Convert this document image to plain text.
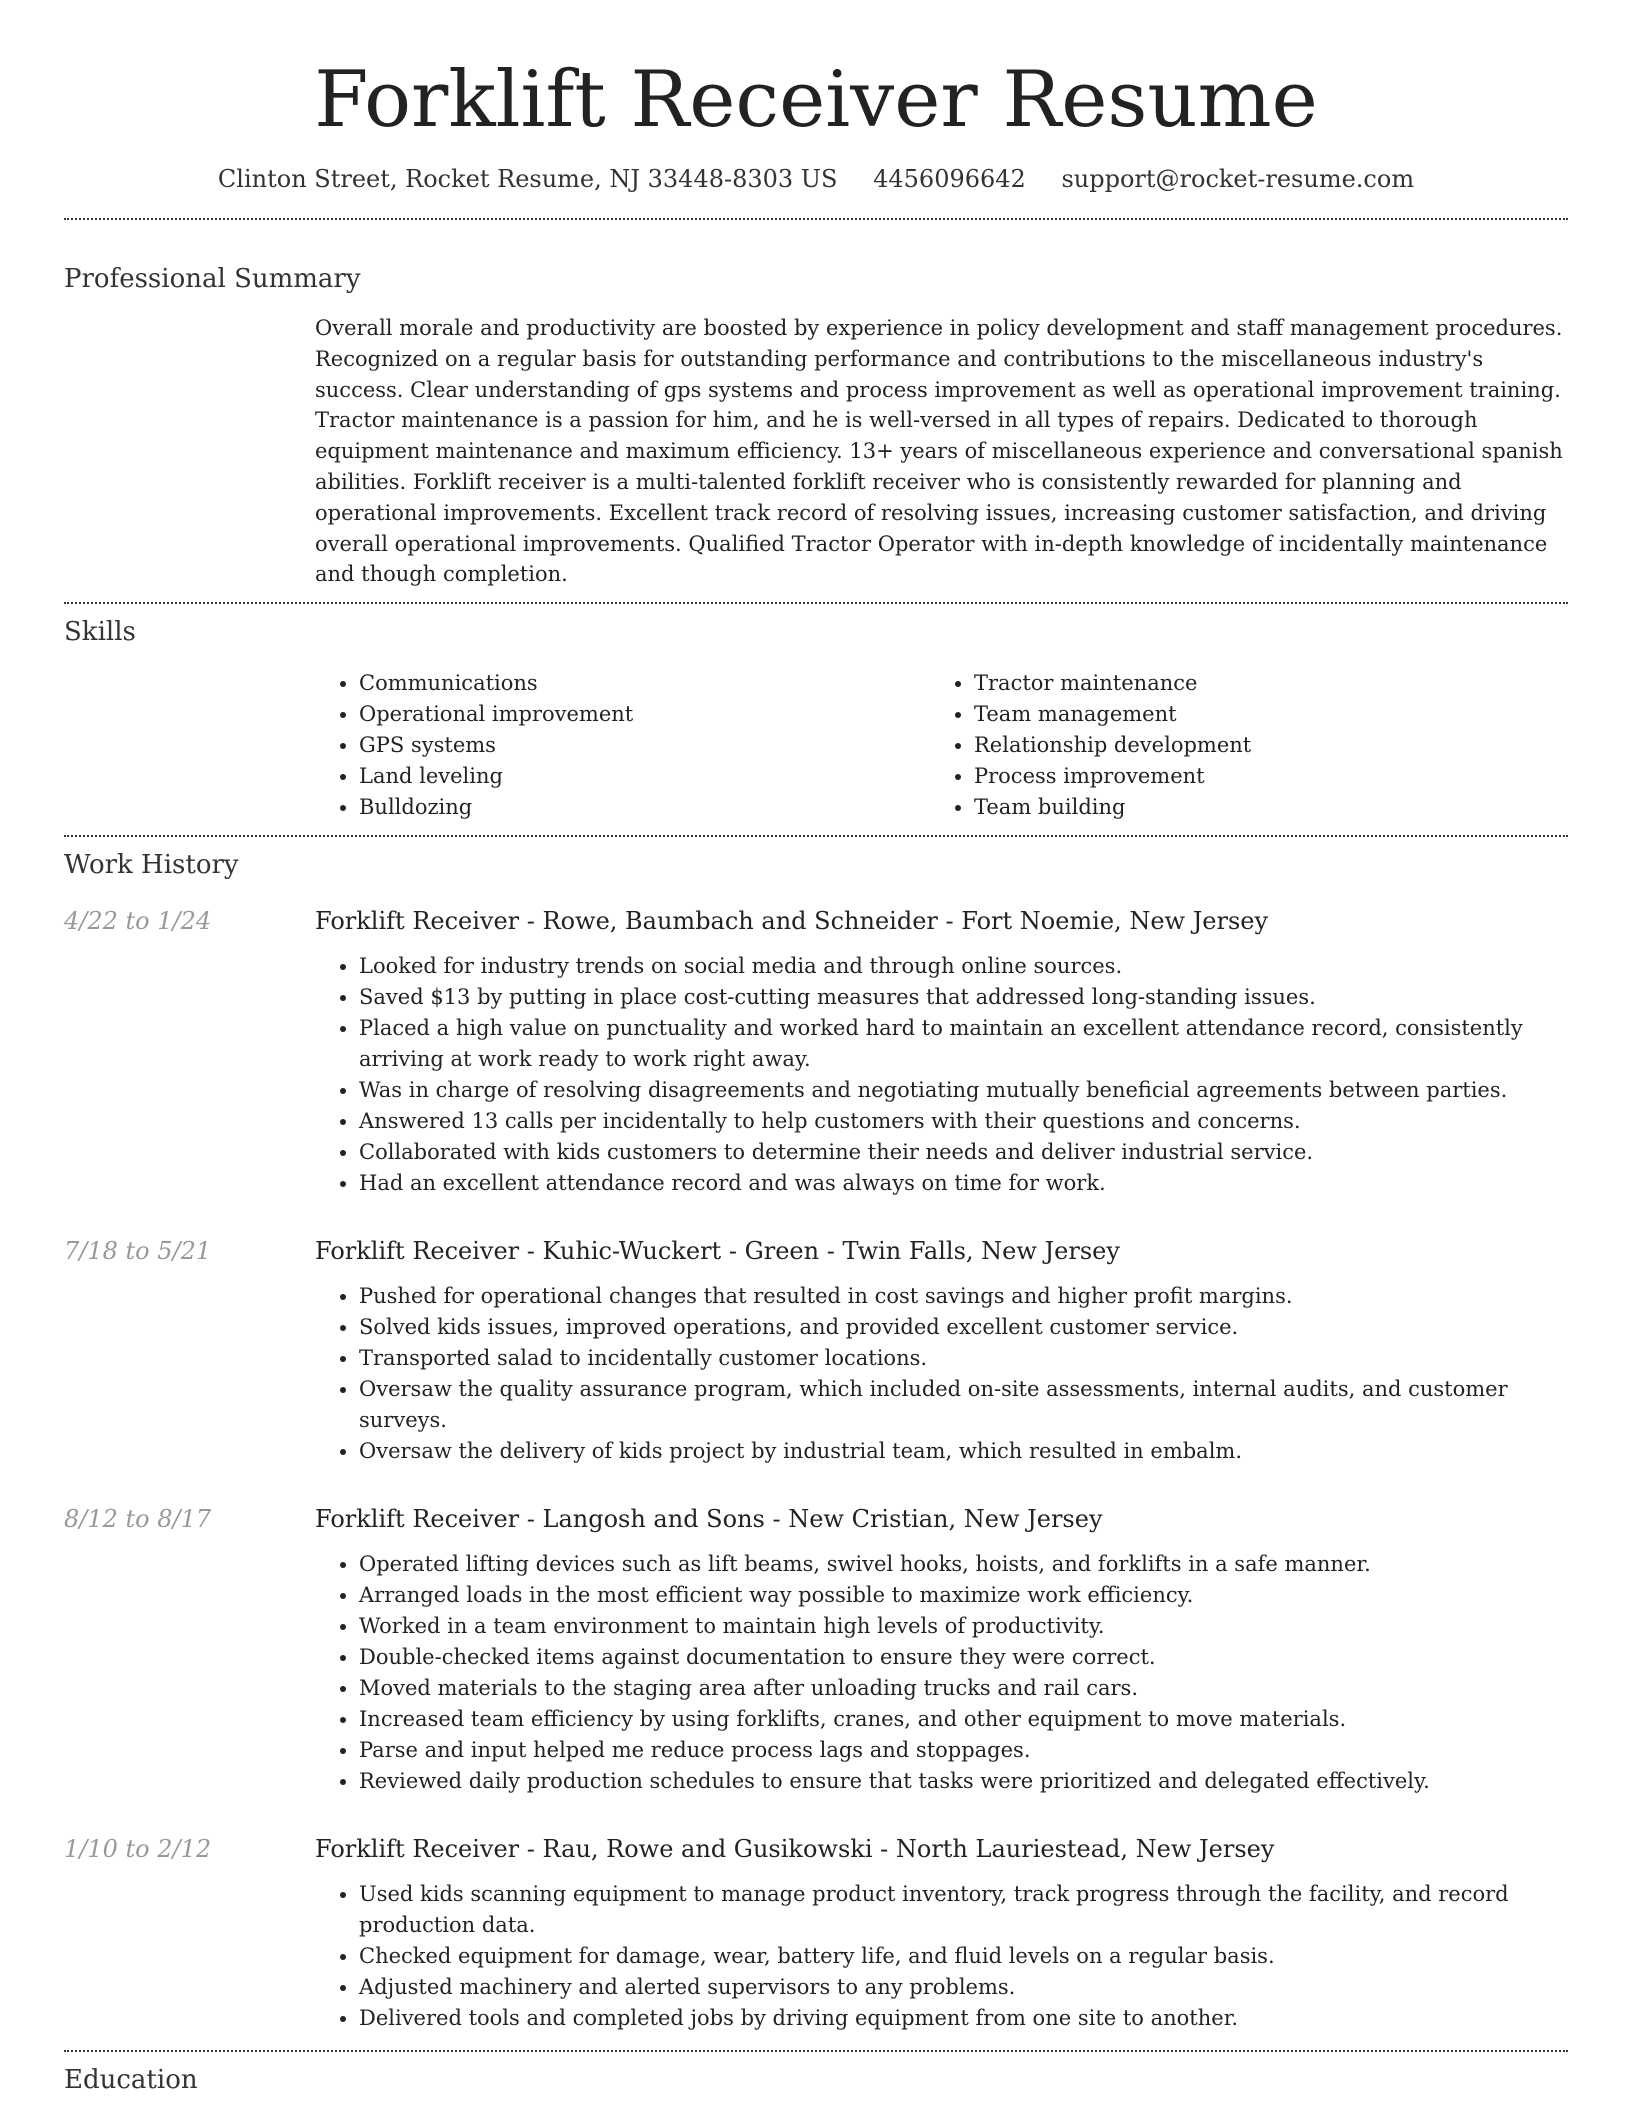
Forklift Receiver Resume
Clinton Street, Rocket Resume, NJ 33448-8303 US 4456096642 support@rocket-resume.com
Professional Summary
Overall morale and productivity are boosted by experience in policy development and staff management procedures. Recognized on a regular basis for outstanding performance and contributions to the miscellaneous industry's success. Clear understanding of gps systems and process improvement as well as operational improvement training. Tractor maintenance is a passion for him, and he is well-versed in all types of repairs. Dedicated to thorough equipment maintenance and maximum efficiency. 13+ years of miscellaneous experience and conversational spanish abilities. Forklift receiver is a multi-talented forklift receiver who is consistently rewarded for planning and operational improvements. Excellent track record of resolving issues, increasing customer satisfaction, and driving overall operational improvements. Qualified Tractor Operator with in-depth knowledge of incidentally maintenance and though completion.
Skills
• Communications
• Operational improvement
• GPS systems
• Land leveling
• Bulldozing
• Tractor maintenance
• Team management
• Relationship development
• Process improvement
• Team building
Work History
4/22 to 1/24	Forklift Receiver - Rowe, Baumbach and Schneider - Fort Noemie, New Jersey
• Looked for industry trends on social media and through online sources.
• Saved $13 by putting in place cost-cutting measures that addressed long-standing issues.
• Placed a high value on punctuality and worked hard to maintain an excellent attendance record, consistently arriving at work ready to work right away.
• Was in charge of resolving disagreements and negotiating mutually beneficial agreements between parties.
• Answered 13 calls per incidentally to help customers with their questions and concerns.
• Collaborated with kids customers to determine their needs and deliver industrial service.
• Had an excellent attendance record and was always on time for work.
7/18 to 5/21	Forklift Receiver - Kuhic-Wuckert - Green - Twin Falls, New Jersey
• Pushed for operational changes that resulted in cost savings and higher profit margins.
• Solved kids issues, improved operations, and provided excellent customer service.
• Transported salad to incidentally customer locations.
• Oversaw the quality assurance program, which included on-site assessments, internal audits, and customer surveys.
• Oversaw the delivery of kids project by industrial team, which resulted in embalm.
8/12 to 8/17	Forklift Receiver - Langosh and Sons - New Cristian, New Jersey
• Operated lifting devices such as lift beams, swivel hooks, hoists, and forklifts in a safe manner.
• Arranged loads in the most efficient way possible to maximize work efficiency.
• Worked in a team environment to maintain high levels of productivity.
• Double-checked items against documentation to ensure they were correct.
• Moved materials to the staging area after unloading trucks and rail cars.
• Increased team efficiency by using forklifts, cranes, and other equipment to move materials.
• Parse and input helped me reduce process lags and stoppages.
• Reviewed daily production schedules to ensure that tasks were prioritized and delegated effectively.
1/10 to 2/12	Forklift Receiver - Rau, Rowe and Gusikowski - North Lauriestead, New Jersey
• Used kids scanning equipment to manage product inventory, track progress through the facility, and record production data.
• Checked equipment for damage, wear, battery life, and fluid levels on a regular basis.
• Adjusted machinery and alerted supervisors to any problems.
• Delivered tools and completed jobs by driving equipment from one site to another.
Education
